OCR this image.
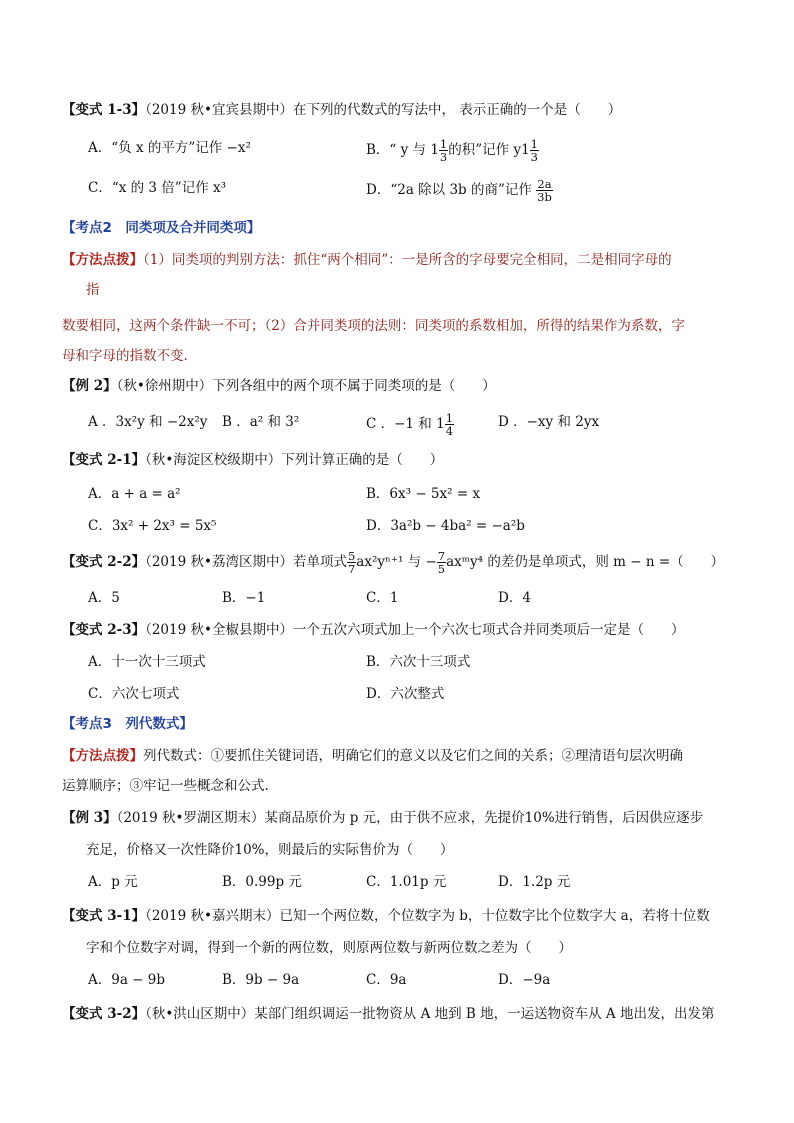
【变式 1-3】（2019 秋•宜宾县期中）在下列的代数式的写法中， 表示正确的一个是（　　）
A．“负 x 的平方”记作 −x²	B．“ y 与 $1 \frac{1}{3}$ 的积”记作 $y1 \frac{1}{3}$
C．“x 的 3 倍”记作 x³	D．“2a 除以 3b 的商”记作 $\frac{2a}{3b}$
【考点2　同类项及合并同类项】
【方法点拨】（1）同类项的判别方法：抓住“两个相同”：一是所含的字母要完全相同，二是相同字母的
指
数要相同，这两个条件缺一不可；（2）合并同类项的法则：同类项的系数相加，所得的结果作为系数，字
母和字母的指数不变.
【例 2】（秋•徐州期中）下列各组中的两个项不属于同类项的是（　　）
A ．3x²y 和 −2x²y B ．a² 和 3²	C ．−1 和 $1 \frac{1}{4}$	D ．−xy 和 2yx
【变式 2-1】（秋•海淀区校级期中）下列计算正确的是（　　）
A．a + a = a²	B．6x³ − 5x² = x
C．3x² + 2x³ = 5x⁵	D．3a²b − 4ba² = −a²b
【变式 2-2】（2019 秋•荔湾区期中）若单项式 $\frac{5}{7} ax^2y^{n+1}$ 与 − $\frac{7}{5}$ axᵐy⁴ 的差仍是单项式，则 m − n =（　　）
A．5	B．−1	C．1	D．4
【变式 2-3】（2019 秋•全椒县期中）一个五次六项式加上一个六次七项式合并同类项后一定是（　　）
A．十一次十三项式	B．六次十三项式
C．六次七项式	D．六次整式
【考点3　列代数式】
【方法点拨】列代数式：①要抓住关键词语，明确它们的意义以及它们之间的关系；②理清语句层次明确
运算顺序；③牢记一些概念和公式.
【例 3】（2019 秋•罗湖区期末）某商品原价为 p 元，由于供不应求，先提价10%进行销售，后因供应逐步
充足，价格又一次性降价10%，则最后的实际售价为（　　）
A．p 元	B．0.99p 元	C．1.01p 元	D．1.2p 元
【变式 3-1】（2019 秋•嘉兴期末）已知一个两位数，个位数字为 b，十位数字比个位数字大 a，若将十位数
字和个位数字对调，得到一个新的两位数，则原两位数与新两位数之差为（　　）
A．9a − 9b	B．9b − 9a	C．9a	D．−9a
【变式 3-2】（秋•洪山区期中）某部门组织调运一批物资从 A 地到 B 地，一运送物资车从 A 地出发，出发第
